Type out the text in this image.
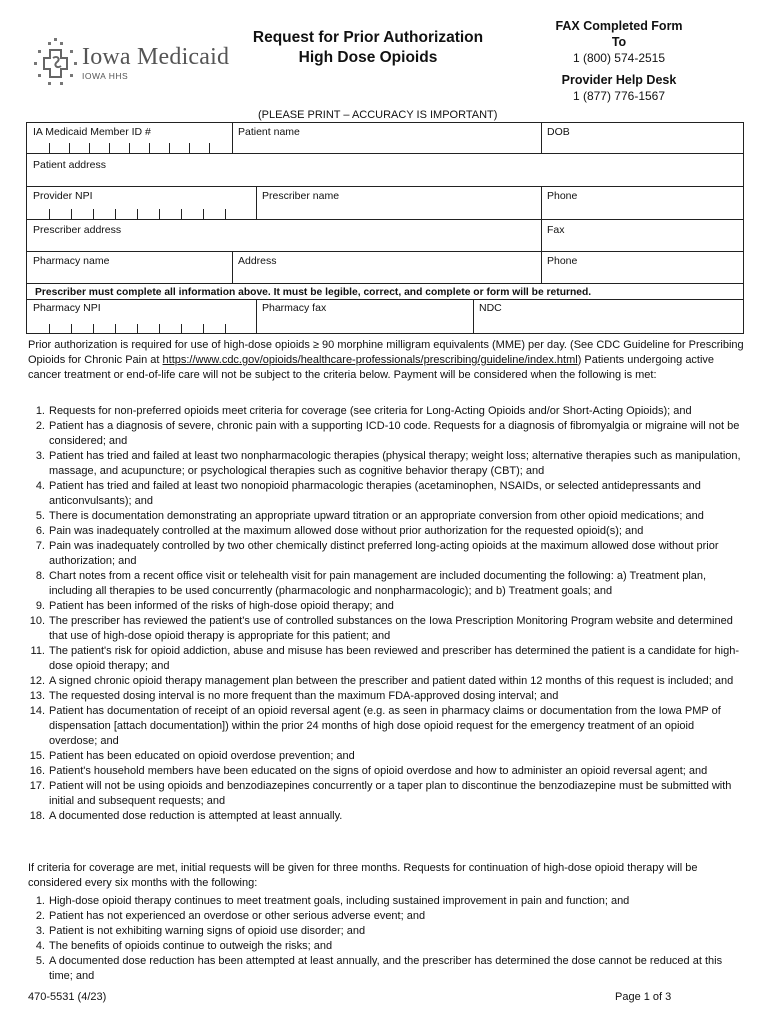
Iowa Medicaid
IOWA HHS
Request for Prior Authorization
High Dose Opioids
FAX Completed Form
To
1 (800) 574-2515
Provider Help Desk
1 (877) 776-1567
(PLEASE PRINT – ACCURACY IS IMPORTANT)
IA Medicaid Member ID #	Patient name	DOB
Patient address
Provider NPI	Prescriber name	Phone
Prescriber address	Fax
Pharmacy name	Address	Phone
Prescriber must complete all information above. It must be legible, correct, and complete or form will be returned.
Pharmacy NPI	Pharmacy fax	NDC

Prior authorization is required for use of high-dose opioids ≥ 90 morphine milligram equivalents (MME) per day. (See CDC Guideline for Prescribing Opioids for Chronic Pain at https://www.cdc.gov/opioids/healthcare-professionals/prescribing/guideline/index.html) Patients undergoing active cancer treatment or end-of-life care will not be subject to the criteria below. Payment will be considered when the following is met:

1. Requests for non-preferred opioids meet criteria for coverage (see criteria for Long-Acting Opioids and/or Short-Acting Opioids); and
2. Patient has a diagnosis of severe, chronic pain with a supporting ICD-10 code. Requests for a diagnosis of fibromyalgia or migraine will not be considered; and
3. Patient has tried and failed at least two nonpharmacologic therapies (physical therapy; weight loss; alternative therapies such as manipulation, massage, and acupuncture; or psychological therapies such as cognitive behavior therapy (CBT); and
4. Patient has tried and failed at least two nonopioid pharmacologic therapies (acetaminophen, NSAIDs, or selected antidepressants and anticonvulsants); and
5. There is documentation demonstrating an appropriate upward titration or an appropriate conversion from other opioid medications; and
6. Pain was inadequately controlled at the maximum allowed dose without prior authorization for the requested opioid(s); and
7. Pain was inadequately controlled by two other chemically distinct preferred long-acting opioids at the maximum allowed dose without prior authorization; and
8. Chart notes from a recent office visit or telehealth visit for pain management are included documenting the following: a) Treatment plan, including all therapies to be used concurrently (pharmacologic and nonpharmacologic); and b) Treatment goals; and
9. Patient has been informed of the risks of high-dose opioid therapy; and
10. The prescriber has reviewed the patient's use of controlled substances on the Iowa Prescription Monitoring Program website and determined that use of high-dose opioid therapy is appropriate for this patient; and
11. The patient's risk for opioid addiction, abuse and misuse has been reviewed and prescriber has determined the patient is a candidate for high-dose opioid therapy; and
12. A signed chronic opioid therapy management plan between the prescriber and patient dated within 12 months of this request is included; and
13. The requested dosing interval is no more frequent than the maximum FDA-approved dosing interval; and
14. Patient has documentation of receipt of an opioid reversal agent (e.g. as seen in pharmacy claims or documentation from the Iowa PMP of dispensation [attach documentation]) within the prior 24 months of high dose opioid request for the emergency treatment of an opioid overdose; and
15. Patient has been educated on opioid overdose prevention; and
16. Patient's household members have been educated on the signs of opioid overdose and how to administer an opioid reversal agent; and
17. Patient will not be using opioids and benzodiazepines concurrently or a taper plan to discontinue the benzodiazepine must be submitted with initial and subsequent requests; and
18. A documented dose reduction is attempted at least annually.
If criteria for coverage are met, initial requests will be given for three months. Requests for continuation of high-dose opioid therapy will be considered every six months with the following:
1. High-dose opioid therapy continues to meet treatment goals, including sustained improvement in pain and function; and
2. Patient has not experienced an overdose or other serious adverse event; and
3. Patient is not exhibiting warning signs of opioid use disorder; and
4. The benefits of opioids continue to outweigh the risks; and
5. A documented dose reduction has been attempted at least annually, and the prescriber has determined the dose cannot be reduced at this time; and
470-5531 (4/23)	Page 1 of 3
